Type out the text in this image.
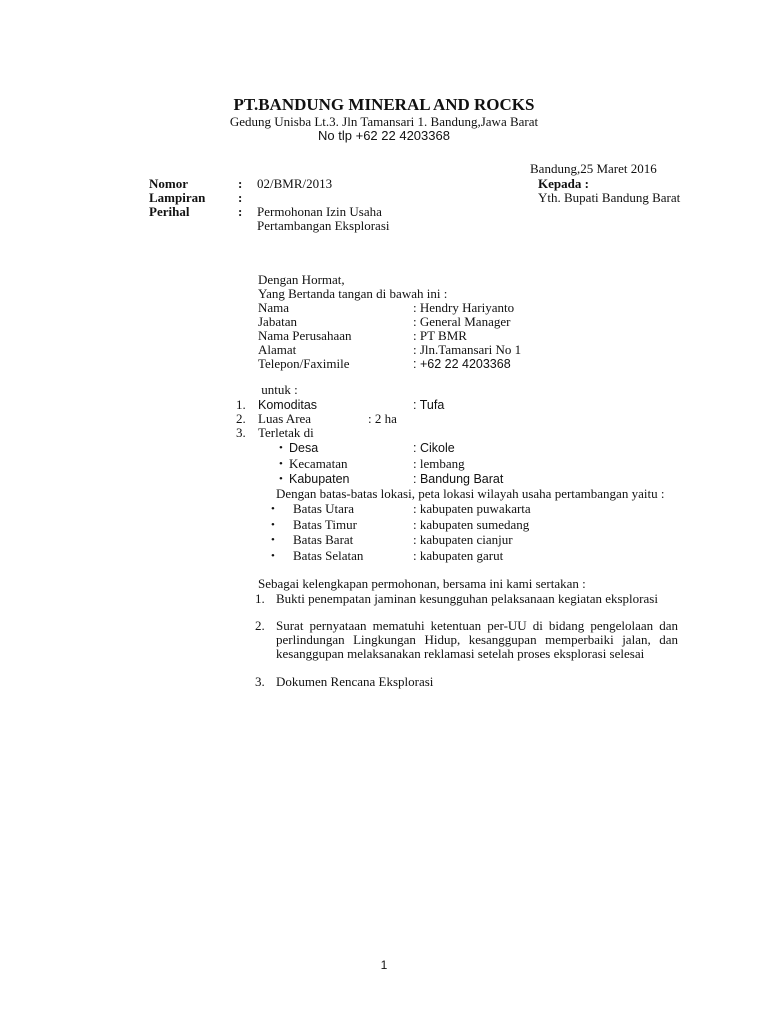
PT.BANDUNG MINERAL AND ROCKS
Gedung Unisba Lt.3. Jln Tamansari 1. Bandung,Jawa Barat
No tlp +62 22 4203368
Bandung,25 Maret 2016
Kepada :
Yth. Bupati Bandung Barat
Nomor	: 02/BMR/2013
Lampiran	:
Perihal	: Permohonan Izin Usaha
Pertambangan Eksplorasi
Dengan Hormat,
Yang Bertanda tangan di bawah ini :
Nama	: Hendry Hariyanto
Jabatan	: General Manager
Nama Perusahaan	: PT BMR
Alamat	: Jln.Tamansari No 1
Telepon/Faximile	: +62 22 4203368
untuk :
1. Komoditas	: Tufa
2. Luas Area	: 2 ha
3. Terletak di
• Desa	: Cikole
• Kecamatan	: lembang
• Kabupaten	: Bandung Barat
Dengan batas-batas lokasi, peta lokasi wilayah usaha pertambangan yaitu :
• Batas Utara	: kabupaten puwakarta
• Batas Timur	: kabupaten sumedang
• Batas Barat	: kabupaten cianjur
• Batas Selatan	: kabupaten garut
Sebagai kelengkapan permohonan, bersama ini kami sertakan :
1. Bukti penempatan jaminan kesungguhan pelaksanaan kegiatan eksplorasi
2. Surat pernyataan mematuhi ketentuan per-UU di bidang pengelolaan dan perlindungan Lingkungan Hidup, kesanggupan memperbaiki jalan, dan kesanggupan melaksanakan reklamasi setelah proses eksplorasi selesai
3. Dokumen Rencana Eksplorasi
1
